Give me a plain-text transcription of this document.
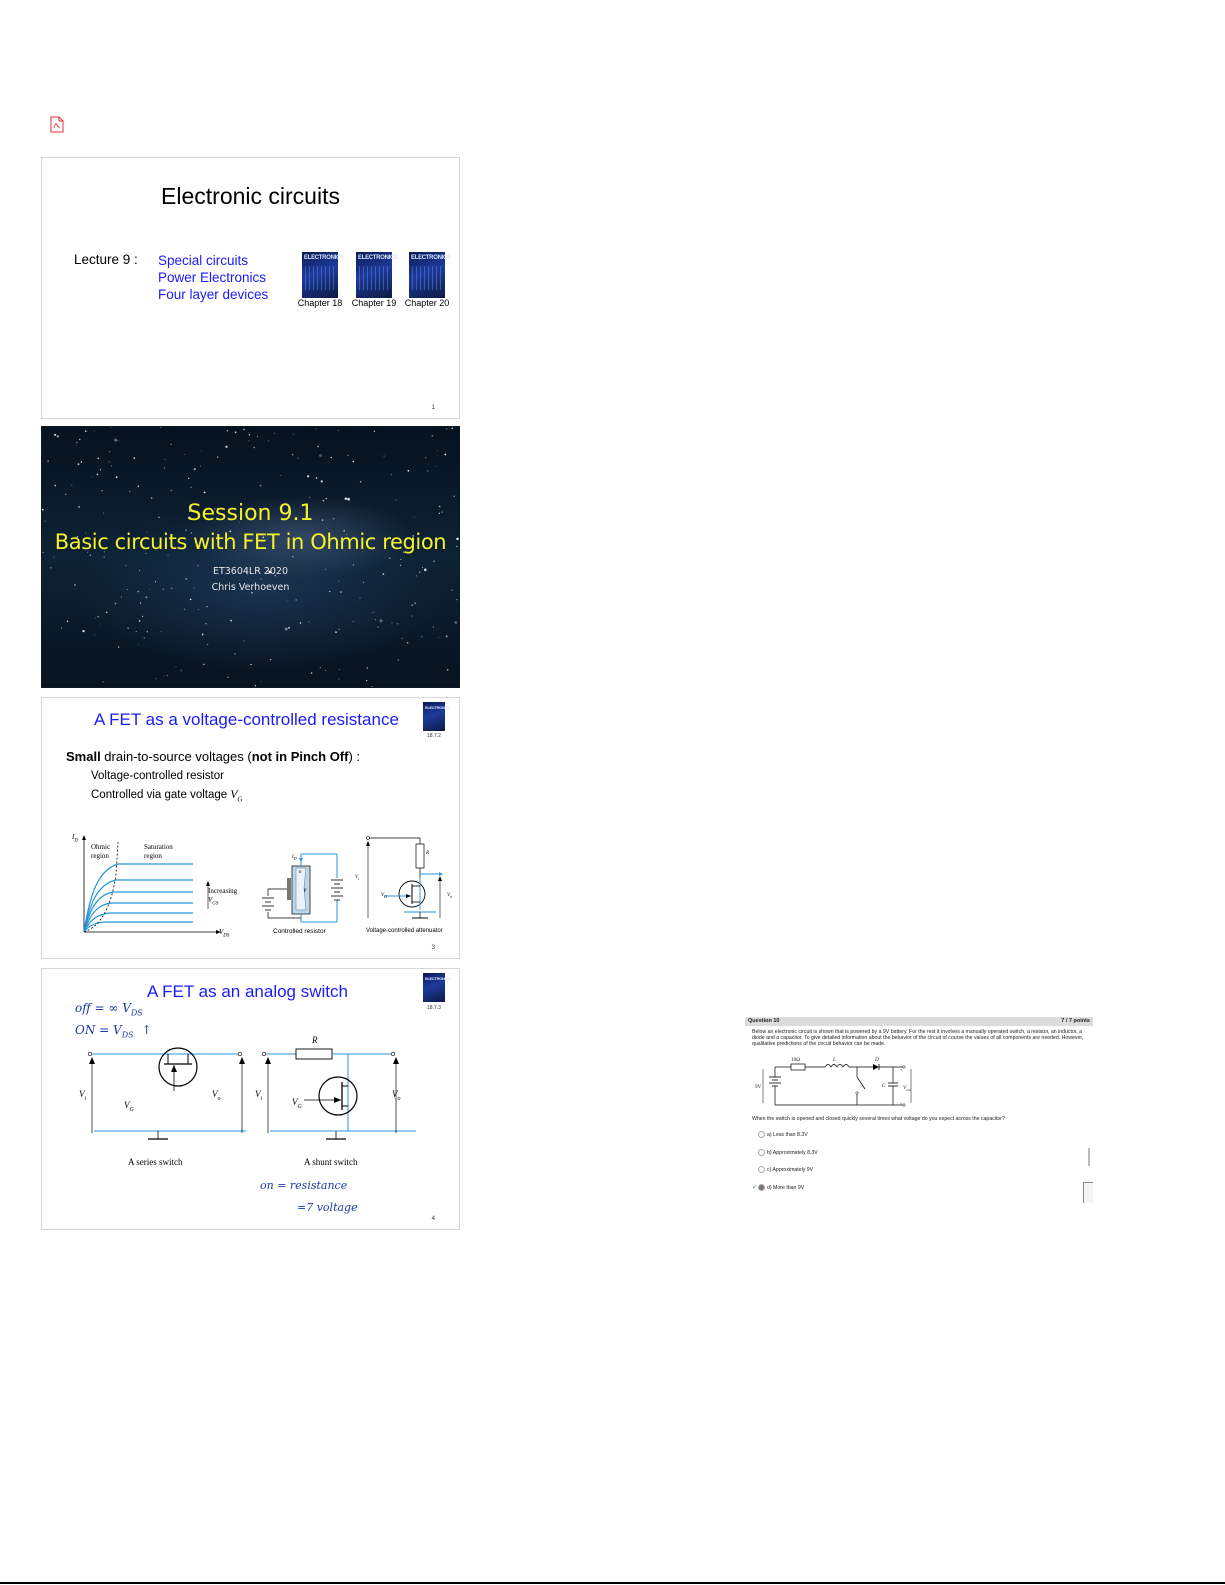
Electronic circuits
Lecture 9 : Special circuits
Power Electronics
Four layer devices
ELECTRONICS ELECTRONICS ELECTRONICS
Chapter 18	Chapter 19 Chapter 20
1
Session 9.1
Basic circuits with FET in Ohmic region
ET3604LR 2020
Chris Verhoeven
A FET as a voltage-controlled resistance
ELECTRONICS
18.7.2
Small drain-to-source voltages (not in Pinch Off) :
Voltage-controlled resistor
Controlled via gate voltage $V_G$
$I_D$
$V_{DS}$
Ohmic
region
Saturation
region
Increasing
$V_{GS}$
$I_D$
n
p
Controlled resistor
R
$V_i$
$V_o$
$V_G$
Voltage-controlled attenuator
3
A FET as an analog switch
ELECTRONICS
18.7.3
off = ∞ $V_{DS}$
ON = $V_{DS}$ ↑
on = resistance
=7 voltage
$V_i$	$V_o$
$V_G$
A series switch
R
$V_i$	$V_o$
$V_G$
A shunt switch
4
Question 10	7 / 7 points
Below an electronic circuit is shown that is powered by a 9V battery. For the rest it involves a manually operated switch, a resistor, an inductor, a diode and a capacitor. To give detailed information about the behavior of the circuit of course the values of all components are needed. However, qualitative predictions of the circuit behavior can be made.
10Ω	L	D
C
9V	$V_{out}$
+
−
When the switch is opened and closed quickly several times what voltage do you expect across the capacitor?
a) Less than 8.3V
b) Approximately 8.3V
c) Approximately 9V
d) More than 9V
✓
